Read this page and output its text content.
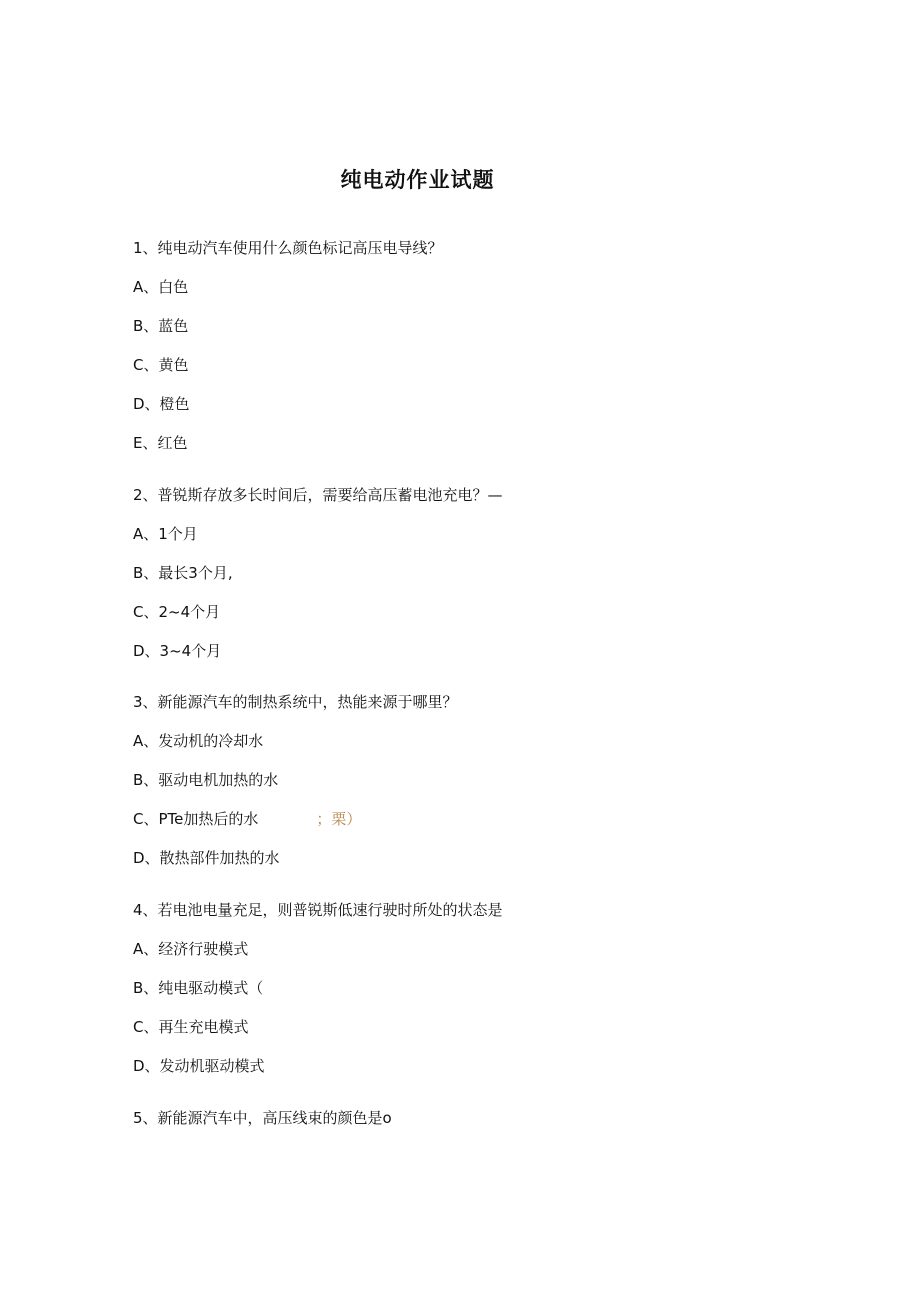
纯电动作业试题
1、纯电动汽车使用什么颜色标记高压电导线？
A、白色
B、蓝色
C、黄色
D、橙色
E、红色
2、普锐斯存放多长时间后，需要给高压蓄电池充电？—
A、1个月
B、最长3个月,
C、2~4个月
D、3~4个月
3、新能源汽车的制热系统中，热能来源于哪里？
A、发动机的冷却水
B、驱动电机加热的水
C、PTe加热后的水	；栗）
D、散热部件加热的水
4、若电池电量充足，则普锐斯低速行驶时所处的状态是
A、经济行驶模式
B、纯电驱动模式（
C、再生充电模式
D、发动机驱动模式
5、新能源汽车中，高压线束的颜色是o
